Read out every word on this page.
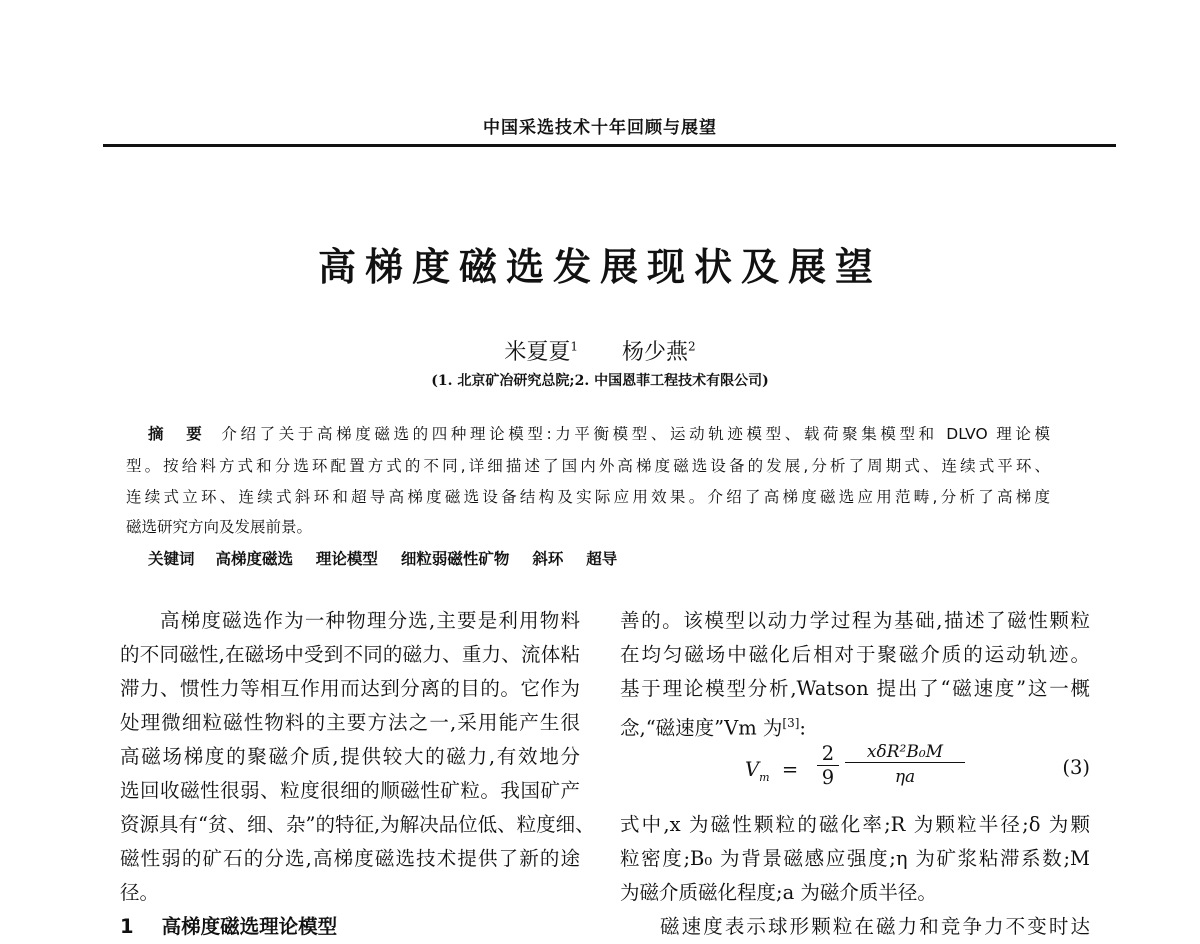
中国采选技术十年回顾与展望
高梯度磁选发展现状及展望
米夏夏$^1$ 杨少燕$^2$
(1. 北京矿冶研究总院;2. 中国恩菲工程技术有限公司)
摘　要 介绍了关于高梯度磁选的四种理论模型:力平衡模型、运动轨迹模型、载荷聚集模型和 DLVO 理论模
型。按给料方式和分选环配置方式的不同,详细描述了国内外高梯度磁选设备的发展,分析了周期式、连续式平环、
连续式立环、连续式斜环和超导高梯度磁选设备结构及实际应用效果。介绍了高梯度磁选应用范畴,分析了高梯度
磁选研究方向及发展前景。
关键词 高梯度磁选 理论模型 细粒弱磁性矿物 斜环 超导
高梯度磁选作为一种物理分选,主要是利用物料
的不同磁性,在磁场中受到不同的磁力、重力、流体粘
滞力、惯性力等相互作用而达到分离的目的。它作为
处理微细粒磁性物料的主要方法之一,采用能产生很
高磁场梯度的聚磁介质,提供较大的磁力,有效地分
选回收磁性很弱、粒度很细的顺磁性矿粒。我国矿产
资源具有“贫、细、杂”的特征,为解决品位低、粒度细、
磁性弱的矿石的分选,高梯度磁选技术提供了新的途
径。
1 高梯度磁选理论模型
善的。该模型以动力学过程为基础,描述了磁性颗粒
在均匀磁场中磁化后相对于聚磁介质的运动轨迹。
基于理论模型分析,Watson 提出了“磁速度”这一概
念,“磁速度”Vm 为[3]:
$V_m = \frac{2}{9}$	xδR²B₀M
ηa	(3)
式中,x 为磁性颗粒的磁化率;R 为颗粒半径;δ 为颗
粒密度;B₀ 为背景磁感应强度;η 为矿浆粘滞系数;M
为磁介质磁化程度;a 为磁介质半径。
磁速度表示球形颗粒在磁力和竞争力不变时达
